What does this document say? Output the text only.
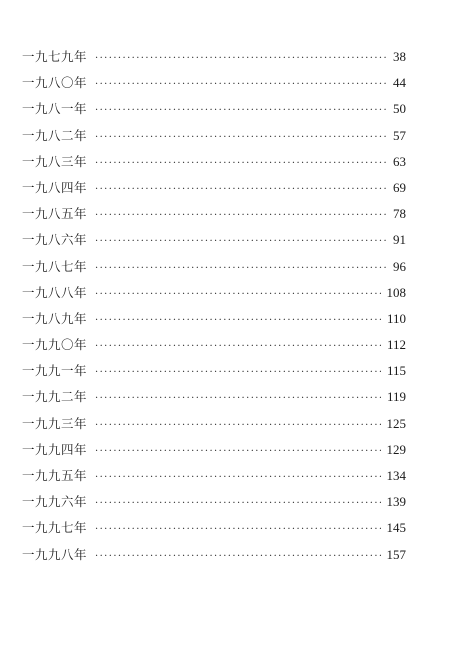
一九七九年 ·····	38
一九八〇年 ·····	44
一九八一年 ·····	50
一九八二年 ·····	57
一九八三年 ·····	63
一九八四年 ·····	69
一九八五年 ·····	78
一九八六年 ·····	91
一九八七年 ·····	96
一九八八年 ·····	108
一九八九年 ·····	110
一九九〇年 ·····	112
一九九一年 ·····	115
一九九二年 ·····	119
一九九三年 ·····	125
一九九四年 ·····	129
一九九五年 ·····	134
一九九六年 ·····	139
一九九七年 ·····	145
一九九八年 ·····	157
